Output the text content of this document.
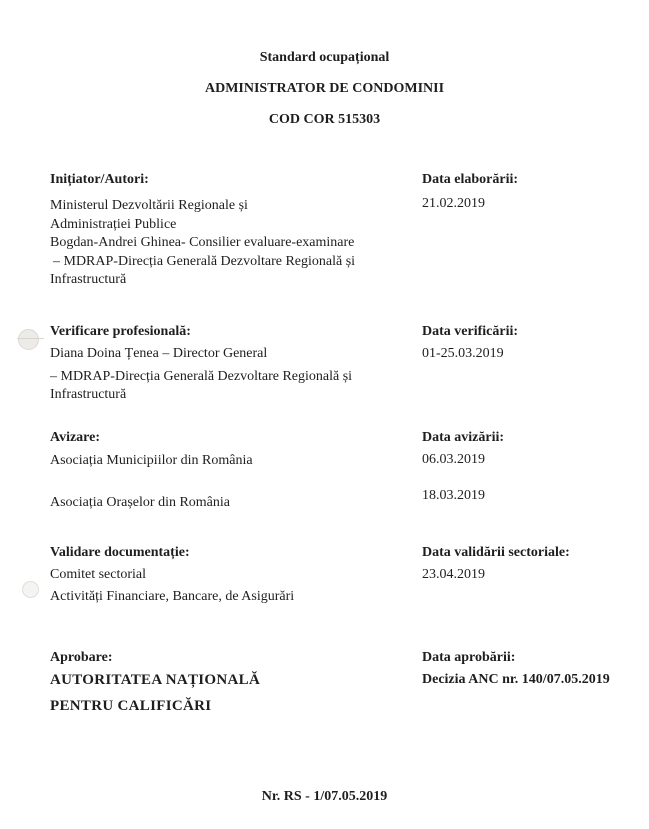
Standard ocupațional
ADMINISTRATOR DE CONDOMINII
COD COR 515303
Inițiator/Autori:
Ministerul Dezvoltării Regionale și
Administrației Publice
Bogdan-Andrei Ghinea- Consilier evaluare-examinare
– MDRAP-Direcția Generală Dezvoltare Regională și
Infrastructură
Data elaborării:
21.02.2019
Verificare profesională:
Diana Doina Țenea – Director General
– MDRAP-Direcția Generală Dezvoltare Regională și
Infrastructură
Data verificării:
01-25.03.2019
Avizare:
Asociația Municipiilor din România
Asociația Orașelor din România
Data avizării:
06.03.2019
18.03.2019
Validare documentație:
Comitet sectorial
Activități Financiare, Bancare, de Asigurări
Data validării sectoriale:
23.04.2019
Aprobare:
AUTORITATEA NAȚIONALĂ
PENTRU CALIFICĂRI
Data aprobării:
Decizia ANC nr. 140/07.05.2019
Nr. RS - 1/07.05.2019
